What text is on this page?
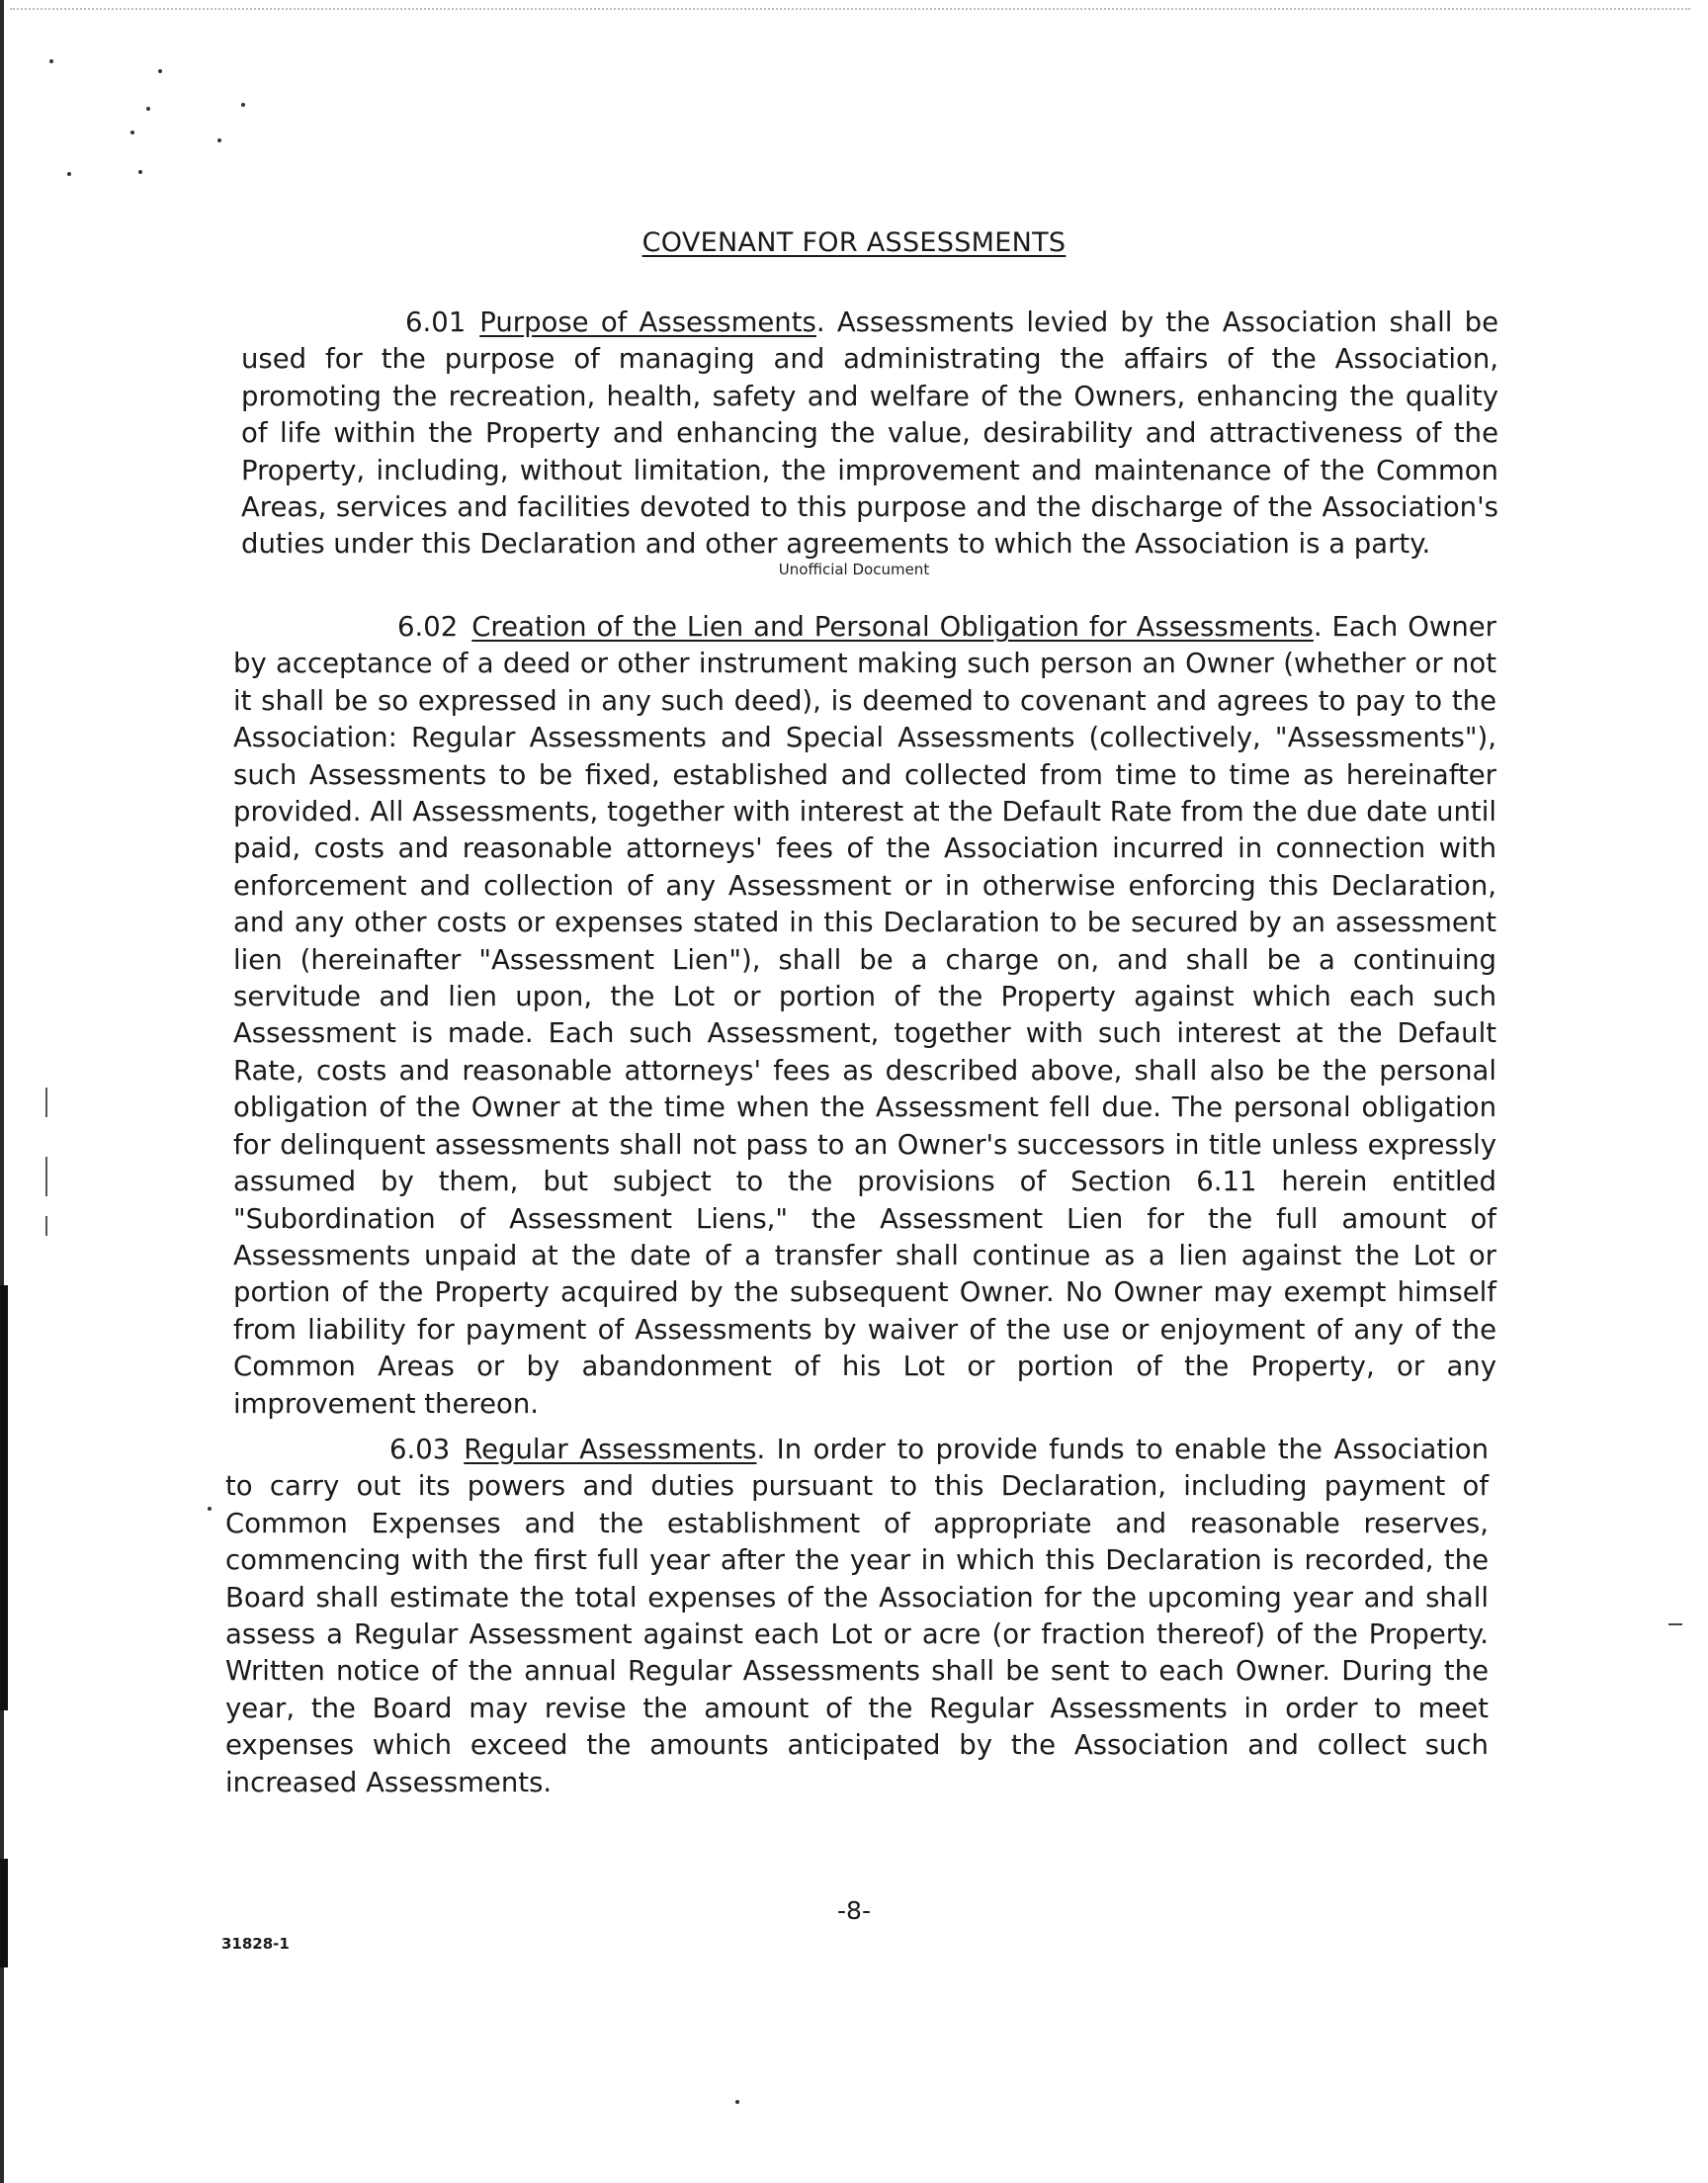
COVENANT FOR ASSESSMENTS
6.01 Purpose of Assessments. Assessments levied by the Association shall be used for the purpose of managing and administrating the affairs of the Association, promoting the recreation, health, safety and welfare of the Owners, enhancing the quality of life within the Property and enhancing the value, desirability and attractiveness of the Property, including, without limitation, the improvement and maintenance of the Common Areas, services and facilities devoted to this purpose and the discharge of the Association's duties under this Declaration and other agreements to which the Association is a party.
Unofficial Document
6.02 Creation of the Lien and Personal Obligation for Assessments. Each Owner by acceptance of a deed or other instrument making such person an Owner (whether or not it shall be so expressed in any such deed), is deemed to covenant and agrees to pay to the Association: Regular Assessments and Special Assessments (collectively, "Assessments"), such Assessments to be fixed, established and collected from time to time as hereinafter provided. All Assessments, together with interest at the Default Rate from the due date until paid, costs and reasonable attorneys' fees of the Association incurred in connection with enforcement and collection of any Assessment or in otherwise enforcing this Declaration, and any other costs or expenses stated in this Declaration to be secured by an assessment lien (hereinafter "Assessment Lien"), shall be a charge on, and shall be a continuing servitude and lien upon, the Lot or portion of the Property against which each such Assessment is made. Each such Assessment, together with such interest at the Default Rate, costs and reasonable attorneys' fees as described above, shall also be the personal obligation of the Owner at the time when the Assessment fell due. The personal obligation for delinquent assessments shall not pass to an Owner's successors in title unless expressly assumed by them, but subject to the provisions of Section 6.11 herein entitled "Subordination of Assessment Liens," the Assessment Lien for the full amount of Assessments unpaid at the date of a transfer shall continue as a lien against the Lot or portion of the Property acquired by the subsequent Owner. No Owner may exempt himself from liability for payment of Assessments by waiver of the use or enjoyment of any of the Common Areas or by abandonment of his Lot or portion of the Property, or any improvement thereon.
6.03 Regular Assessments. In order to provide funds to enable the Association to carry out its powers and duties pursuant to this Declaration, including payment of Common Expenses and the establishment of appropriate and reasonable reserves, commencing with the first full year after the year in which this Declaration is recorded, the Board shall estimate the total expenses of the Association for the upcoming year and shall assess a Regular Assessment against each Lot or acre (or fraction thereof) of the Property. Written notice of the annual Regular Assessments shall be sent to each Owner. During the year, the Board may revise the amount of the Regular Assessments in order to meet expenses which exceed the amounts anticipated by the Association and collect such increased Assessments.
-8-
31828-1
